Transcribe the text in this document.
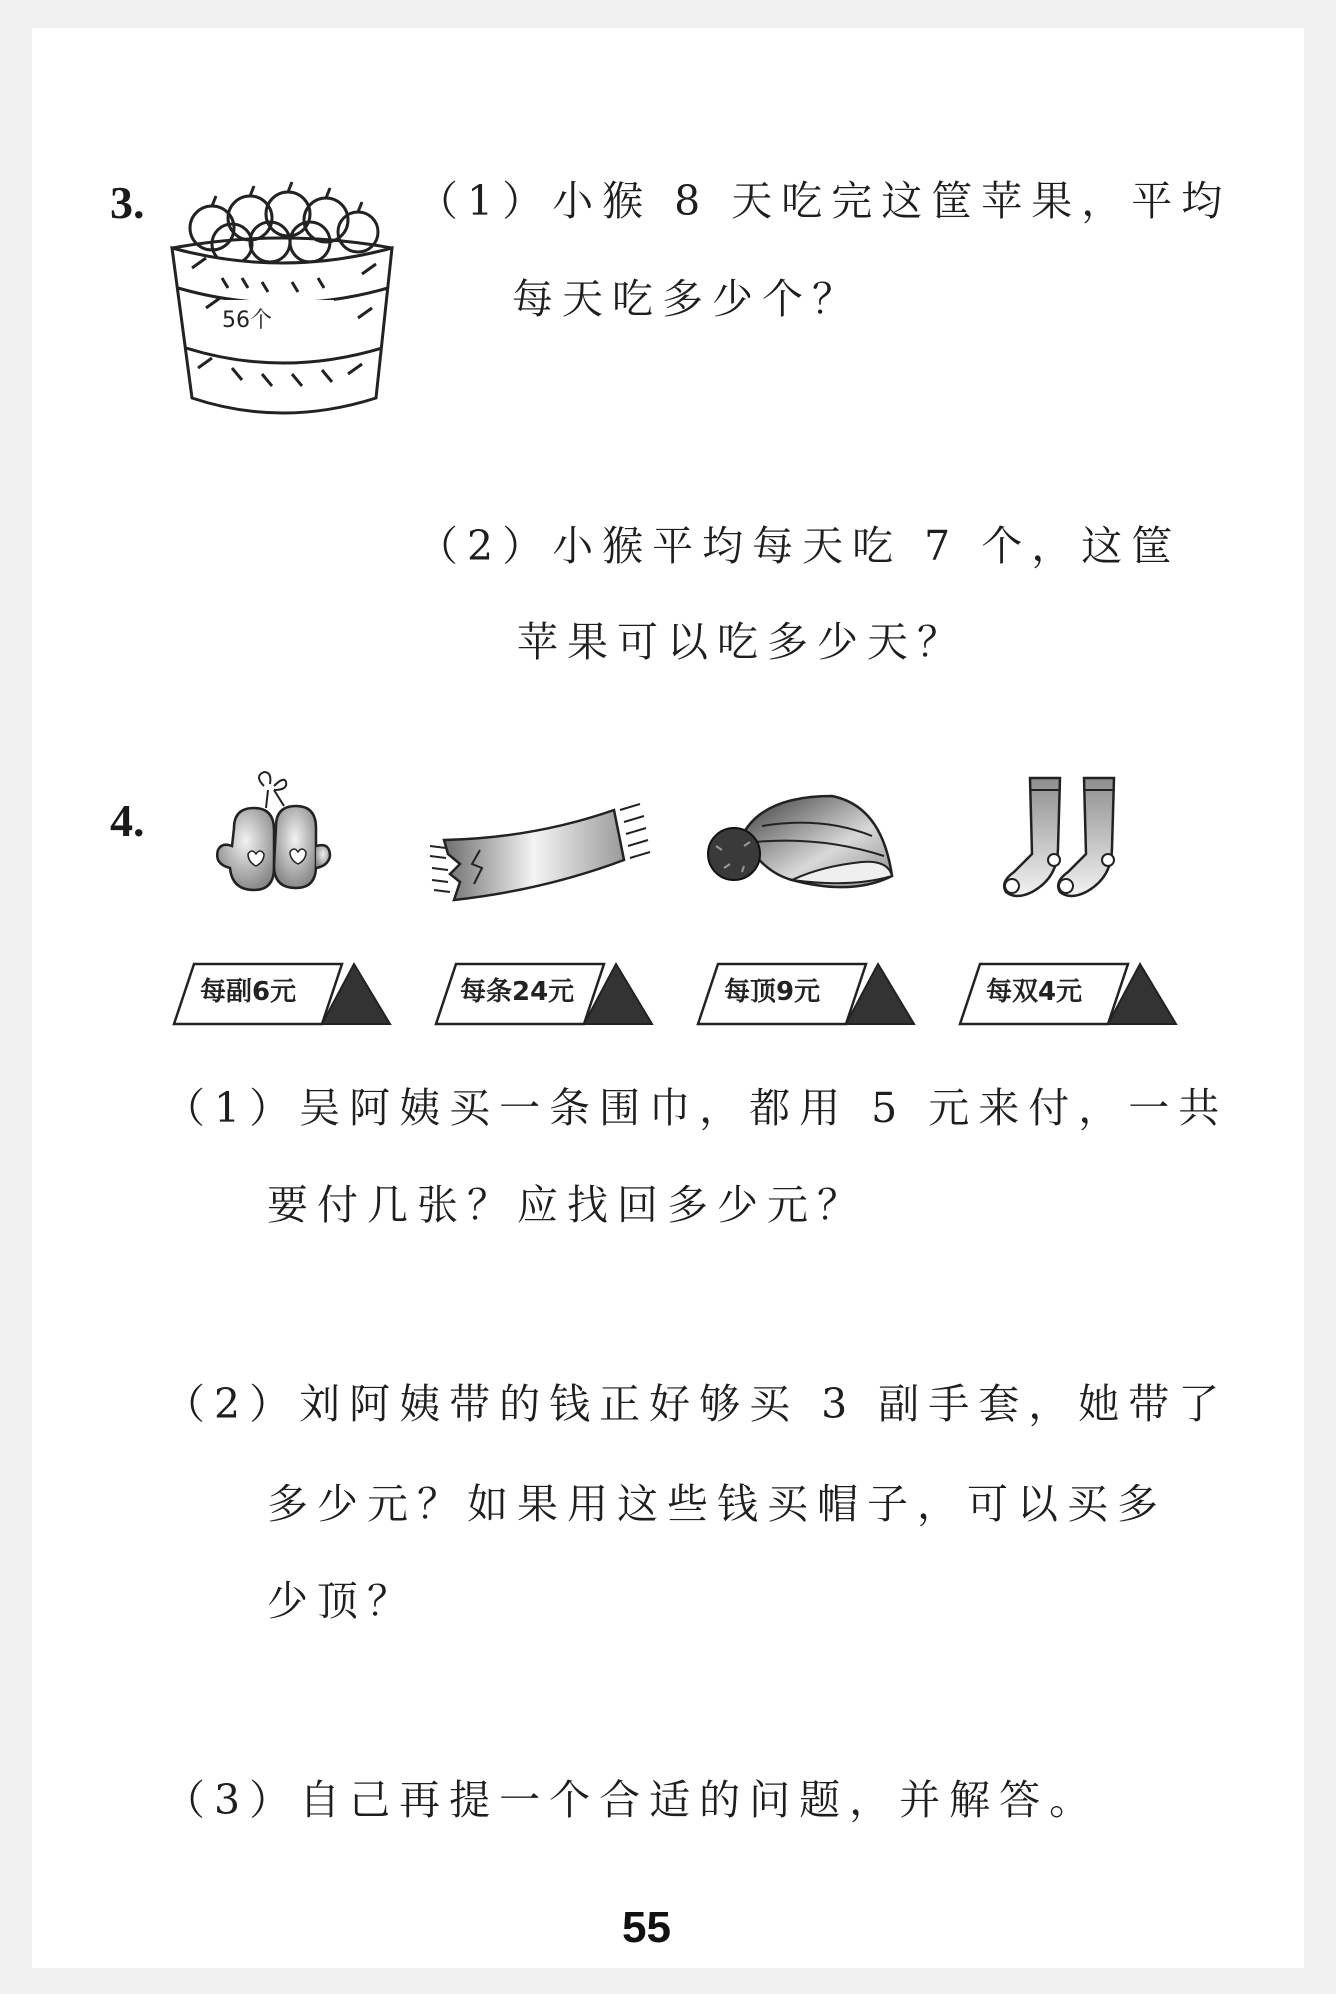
3.
56个
（1）小猴 8 天吃完这筐苹果，平均
每天吃多少个？
（2）小猴平均每天吃 7 个，这筐
苹果可以吃多少天？
4.
每副6元	每条24元	每顶9元	每双4元
（1）吴阿姨买一条围巾，都用 5 元来付，一共
要付几张？应找回多少元？
（2）刘阿姨带的钱正好够买 3 副手套，她带了
多少元？如果用这些钱买帽子，可以买多
少顶？
（3）自己再提一个合适的问题，并解答。
55
